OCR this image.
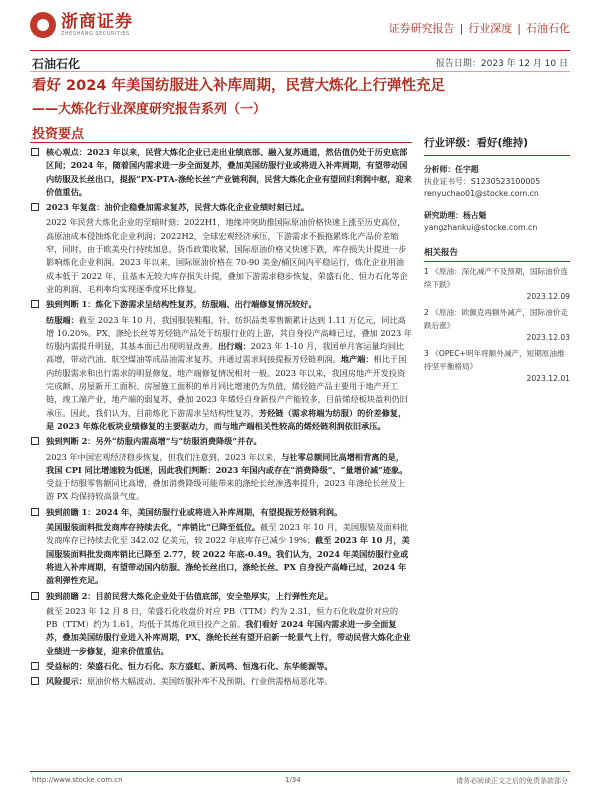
浙商证券
ZHESHANG SECURITIES	证券研究报告 | 行业深度 | 石油石化
石油石化	报告日期：2023 年 12 月 10 日
看好 2024 年美国纺服进入补库周期，民营大炼化上行弹性充足
——大炼化行业深度研究报告系列（一）
投资要点
核心观点：2023 年以来，民营大炼化企业已走出业绩底部、融入复苏通道，然估值仍处于历史底部区间；2024 年，随着国内需求进一步全面复苏，叠加美国纺服行业或将进入补库周期，有望带动国内纺服及长丝出口，提振“PX-PTA-涤纶长丝”产业链利润，民营大炼化企业有望回归利润中枢，迎来价值重估。
2023 年复盘：油价企稳叠加需求复苏，民营大炼化企业业绩时刻已过。
2022 年民营大炼化企业的至暗时刻：2022H1，地缘冲突助推国际原油价格快速上涨至历史高位，高原油成本侵蚀炼化企业利润；2022H2，全球宏观经济承压，下游需求不振拖累炼化产品价差缩窄，同时，由于欧美央行持续加息，货币政策收紧，国际原油价格又快速下跌，库存损失计提进一步影响炼化企业利润。2023 年以来，国际原油价格在 70-90 美金/桶区间内平稳运行，炼化企业用油成本低于 2022 年，且基本无较大库存损失计提，叠加下游需求稳步恢复，荣盛石化、恒力石化等企业的利润、毛利率均实现逐季度环比修复。
独到判断 1：炼化下游需求呈结构性复苏，纺服端、出行端修复情况较好。
纺服端：截至 2023 年 10 月，我国服装鞋帽、针、纺织品类零售额累计达到 1.11 万亿元，同比高增 10.20%。PX、涤纶长丝等芳烃链产品处于纺服行业的上游，其自身投产高峰已过，叠加 2023 年纺服内需提升明显，其基本面已出现明显改善。出行端：2023 年 1-10 月，我国单月客运量均同比高增，带动汽油、航空煤油等成品油需求复苏，并通过需求间接提振芳烃链利润。地产端：相比于国内纺服需求和出行需求的明显修复，地产端修复情况相对一般。2023 年以来，我国房地产开发投资完成额、房屋新开工面积、房屋施工面积的单月同比增速仍为负值，烯烃链产品主要用于地产开工链，竣工端产业，地产端的弱复苏，叠加 2023 年烯烃自身新投产产能较多，目前烯烃板块盈利仍旧承压。因此，我们认为，目前炼化下游需求呈结构性复苏，芳烃链（需求将端为纺服）的价差修复，是 2023 年炼化板块业绩修复的主要驱动力，而与地产端相关性较高的烯烃链利润依旧承压。
独到判断 2：另外“纺服内需高增”与“纺服消费降级”并存。
2023 年中国宏观经济稳步恢复，但我们注意到，2023 年以来，与社零总额同比高增相背离的是，我国 CPI 同比增速较为低迷，因此我们判断：2023 年国内或存在“消费降级”、“量增价减”迹象。受益于纺服零售额同比高增，叠加消费降级可能带来的涤纶长丝渗透率提升，2023 年涤纶长丝及上游 PX 均保持较高景气度。
独到前瞻 1：2024 年，美国纺服行业或将进入补库周期，有望提振芳烃链利润。
美国服装面料批发商库存持续去化，“库销比”已降至低位。截至 2023 年 10 月，美国服装及面料批发商库存已持续去化至 342.02 亿美元，较 2022 年底库存已减少 19%；截至 2023 年 10 月，美国服装面料批发商库销比已降至 2.77，较 2022 年底-0.49。我们认为，2024 年美国纺服行业或将进入补库周期，有望带动国内纺服、涤纶长丝出口，涤纶长丝、PX 自身投产高峰已过，2024 年盈利弹性充足。
独到前瞻 2：目前民营大炼化企业处于估值底部，安全垫厚实，上行弹性充足。
截至 2023 年 12 月 8 日，荣盛石化收盘价对应 PB（TTM）约为 2.31，恒力石化收盘价对应的 PB（TTM）约为 1.61，均低于其炼化项目投产之前。我们看好 2024 年国内需求进一步全面复苏，叠加美国纺服行业进入补库周期，PX、涤纶长丝有望开启新一轮景气上行，带动民营大炼化企业业绩进一步修复，迎来价值重估。
受益标的：荣盛石化、恒力石化、东方盛虹、新凤鸣、恒逸石化、东华能源等。
风险提示：原油价格大幅波动、美国纺服补库不及预期、行业供需格局恶化等。
行业评级：看好(维持)
分析师：任宇超
执业证书号：S1230523100005
renyuchao01@stocke.com.cn
研究助理：杨占魁
yangzhankui@stocke.com.cn
相关报告
1 《原油：深化减产不及预期，国际油价连续下跌》
2023.12.09
2 《原油：欧佩克再额外减产，国际油价走跌后涨》
2023.12.03
3 《OPEC+明年将额外减产，短期原油维持坚平衡格局》
2023.12.01
http://www.stocke.com.cn	1/34	请务必阅读正文之后的免责条款部分
